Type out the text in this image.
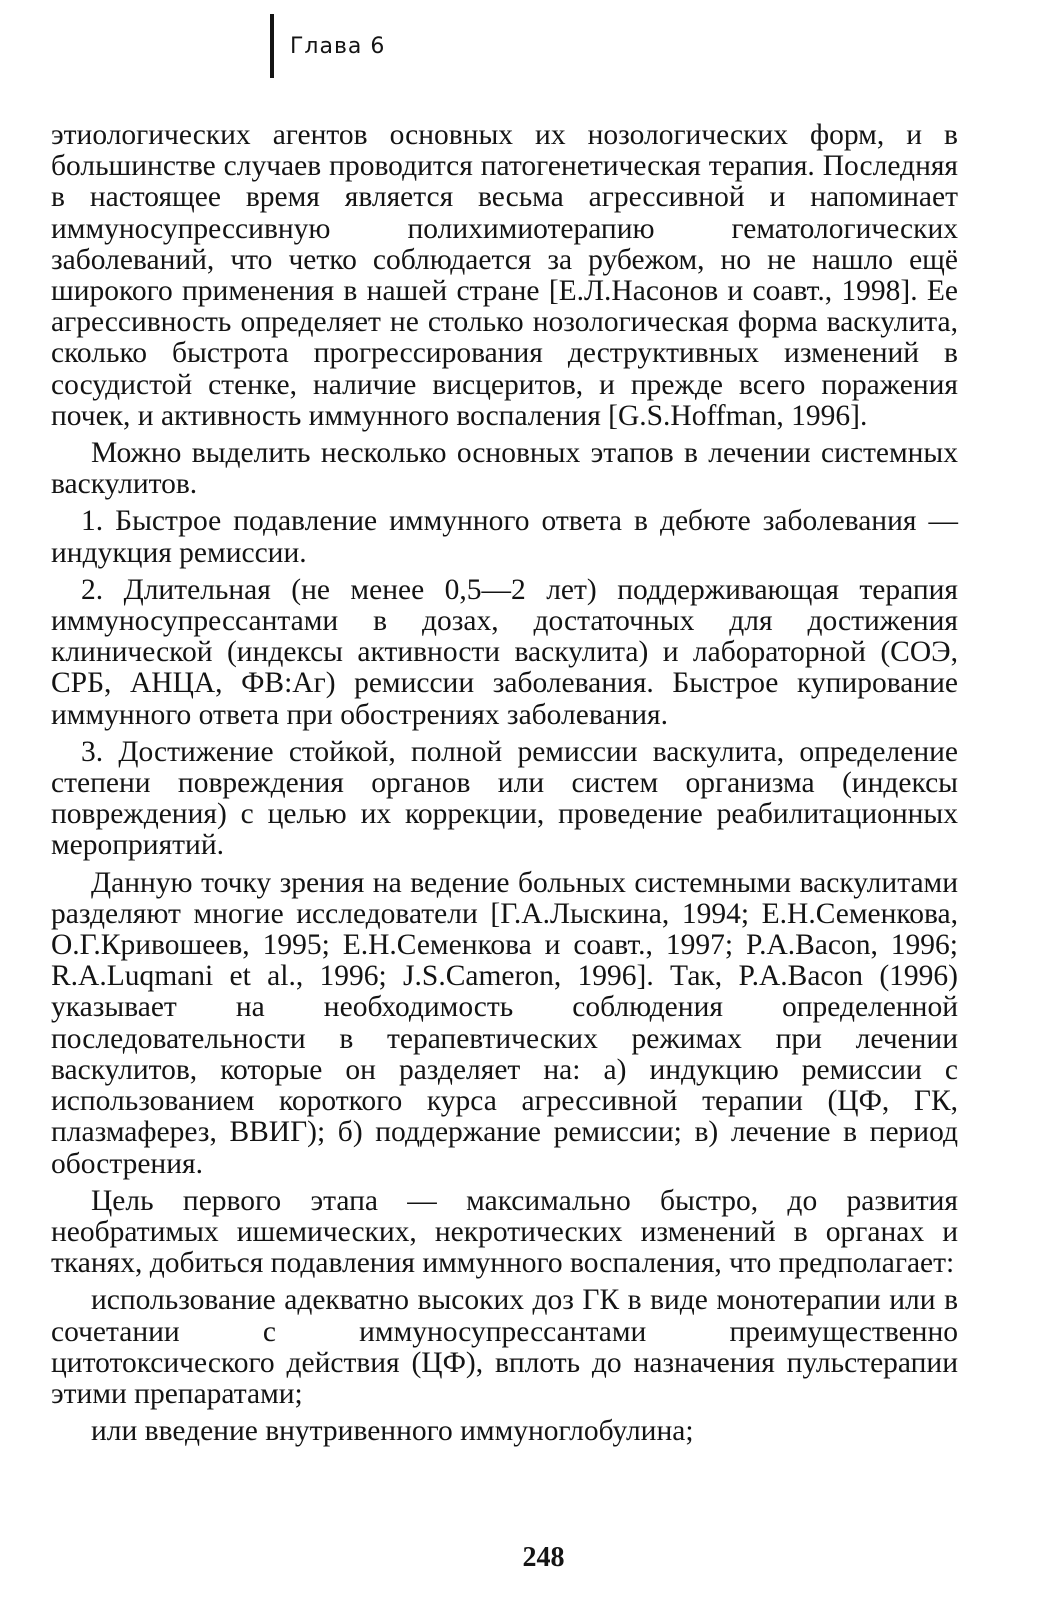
Глава 6

этиологических агентов основных их нозологических форм, и в большинстве случаев проводится патогенетическая терапия. Последняя в настоящее время является весьма агрессивной и напоминает иммуносупрессивную полихимиотерапию гематологических заболеваний, что четко соблюдается за рубежом, но не нашло ещё широкого применения в нашей стране [Е.Л.Насонов и соавт., 1998]. Ее агрессивность определяет не столько нозологическая форма васкулита, сколько быстрота прогрессирования деструктивных изменений в сосудистой стенке, наличие висцеритов, и прежде всего поражения почек, и активность иммунного воспаления [G.S.Hoffman, 1996].

Можно выделить несколько основных этапов в лечении системных васкулитов.

1. Быстрое подавление иммунного ответа в дебюте заболевания — индукция ремиссии.

2. Длительная (не менее 0,5—2 лет) поддерживающая терапия иммуносупрессантами в дозах, достаточных для достижения клинической (индексы активности васкулита) и лабораторной (СОЭ, СРБ, АНЦА, ФВ:Аг) ремиссии заболевания. Быстрое купирование иммунного ответа при обострениях заболевания.

3. Достижение стойкой, полной ремиссии васкулита, определение степени повреждения органов или систем организма (индексы повреждения) с целью их коррекции, проведение реабилитационных мероприятий.

Данную точку зрения на ведение больных системными васкулитами разделяют многие исследователи [Г.А.Лыскина, 1994; Е.Н.Семенкова, О.Г.Кривошеев, 1995; Е.Н.Семенкова и соавт., 1997; P.A.Bacon, 1996; R.A.Luqmani et al., 1996; J.S.Cameron, 1996]. Так, P.A.Bacon (1996) указывает на необходимость соблюдения определенной последовательности в терапевтических режимах при лечении васкулитов, которые он разделяет на: а) индукцию ремиссии с использованием короткого курса агрессивной терапии (ЦФ, ГК, плазмаферез, ВВИГ); б) поддержание ремиссии; в) лечение в период обострения.

Цель первого этапа — максимально быстро, до развития необратимых ишемических, некротических изменений в органах и тканях, добиться подавления иммунного воспаления, что предполагает:

использование адекватно высоких доз ГК в виде монотерапии или в сочетании с иммуносупрессантами преимущественно цитотоксического действия (ЦФ), вплоть до назначения пульстерапии этими препаратами;

или введение внутривенного иммуноглобулина;

248
